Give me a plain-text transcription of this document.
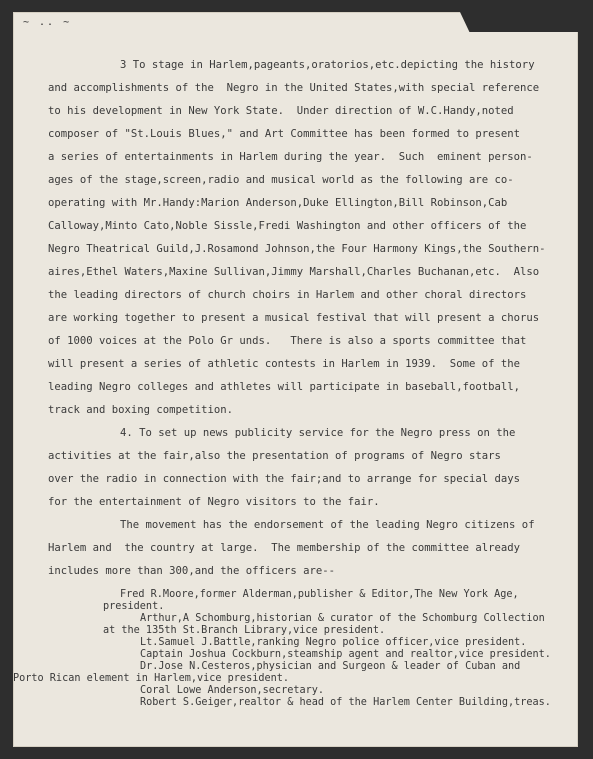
~ .. ~
3 To stage in Harlem,pageants,oratorios,etc.depicting the history
and accomplishments of the  Negro in the United States,with special reference
to his development in New York State.  Under direction of W.C.Handy,noted
composer of "St.Louis Blues," and Art Committee has been formed to present
a series of entertainments in Harlem during the year.  Such  eminent person-
ages of the stage,screen,radio and musical world as the following are co-
operating with Mr.Handy:Marion Anderson,Duke Ellington,Bill Robinson,Cab
Calloway,Minto Cato,Noble Sissle,Fredi Washington and other officers of the
Negro Theatrical Guild,J.Rosamond Johnson,the Four Harmony Kings,the Southern-
aires,Ethel Waters,Maxine Sullivan,Jimmy Marshall,Charles Buchanan,etc.  Also
the leading directors of church choirs in Harlem and other choral directors
are working together to present a musical festival that will present a chorus
of 1000 voices at the Polo Gr unds.   There is also a sports committee that
will present a series of athletic contests in Harlem in 1939.  Some of the
leading Negro colleges and athletes will participate in baseball,football,
track and boxing competition.
4. To set up news publicity service for the Negro press on the
activities at the fair,also the presentation of programs of Negro stars
over the radio in connection with the fair;and to arrange for special days
for the entertainment of Negro visitors to the fair.
The movement has the endorsement of the leading Negro citizens of
Harlem and  the country at large.  The membership of the committee already
includes more than 300,and the officers are--
Fred R.Moore,former Alderman,publisher & Editor,The New York Age,
president.
Arthur,A Schomburg,historian & curator of the Schomburg Collection
at the 135th St.Branch Library,vice president.
Lt.Samuel J.Battle,ranking Negro police officer,vice president.
Captain Joshua Cockburn,steamship agent and realtor,vice president.
Dr.Jose N.Cesteros,physician and Surgeon & leader of Cuban and
Porto Rican element in Harlem,vice president.
Coral Lowe Anderson,secretary.
Robert S.Geiger,realtor & head of the Harlem Center Building,treas.
